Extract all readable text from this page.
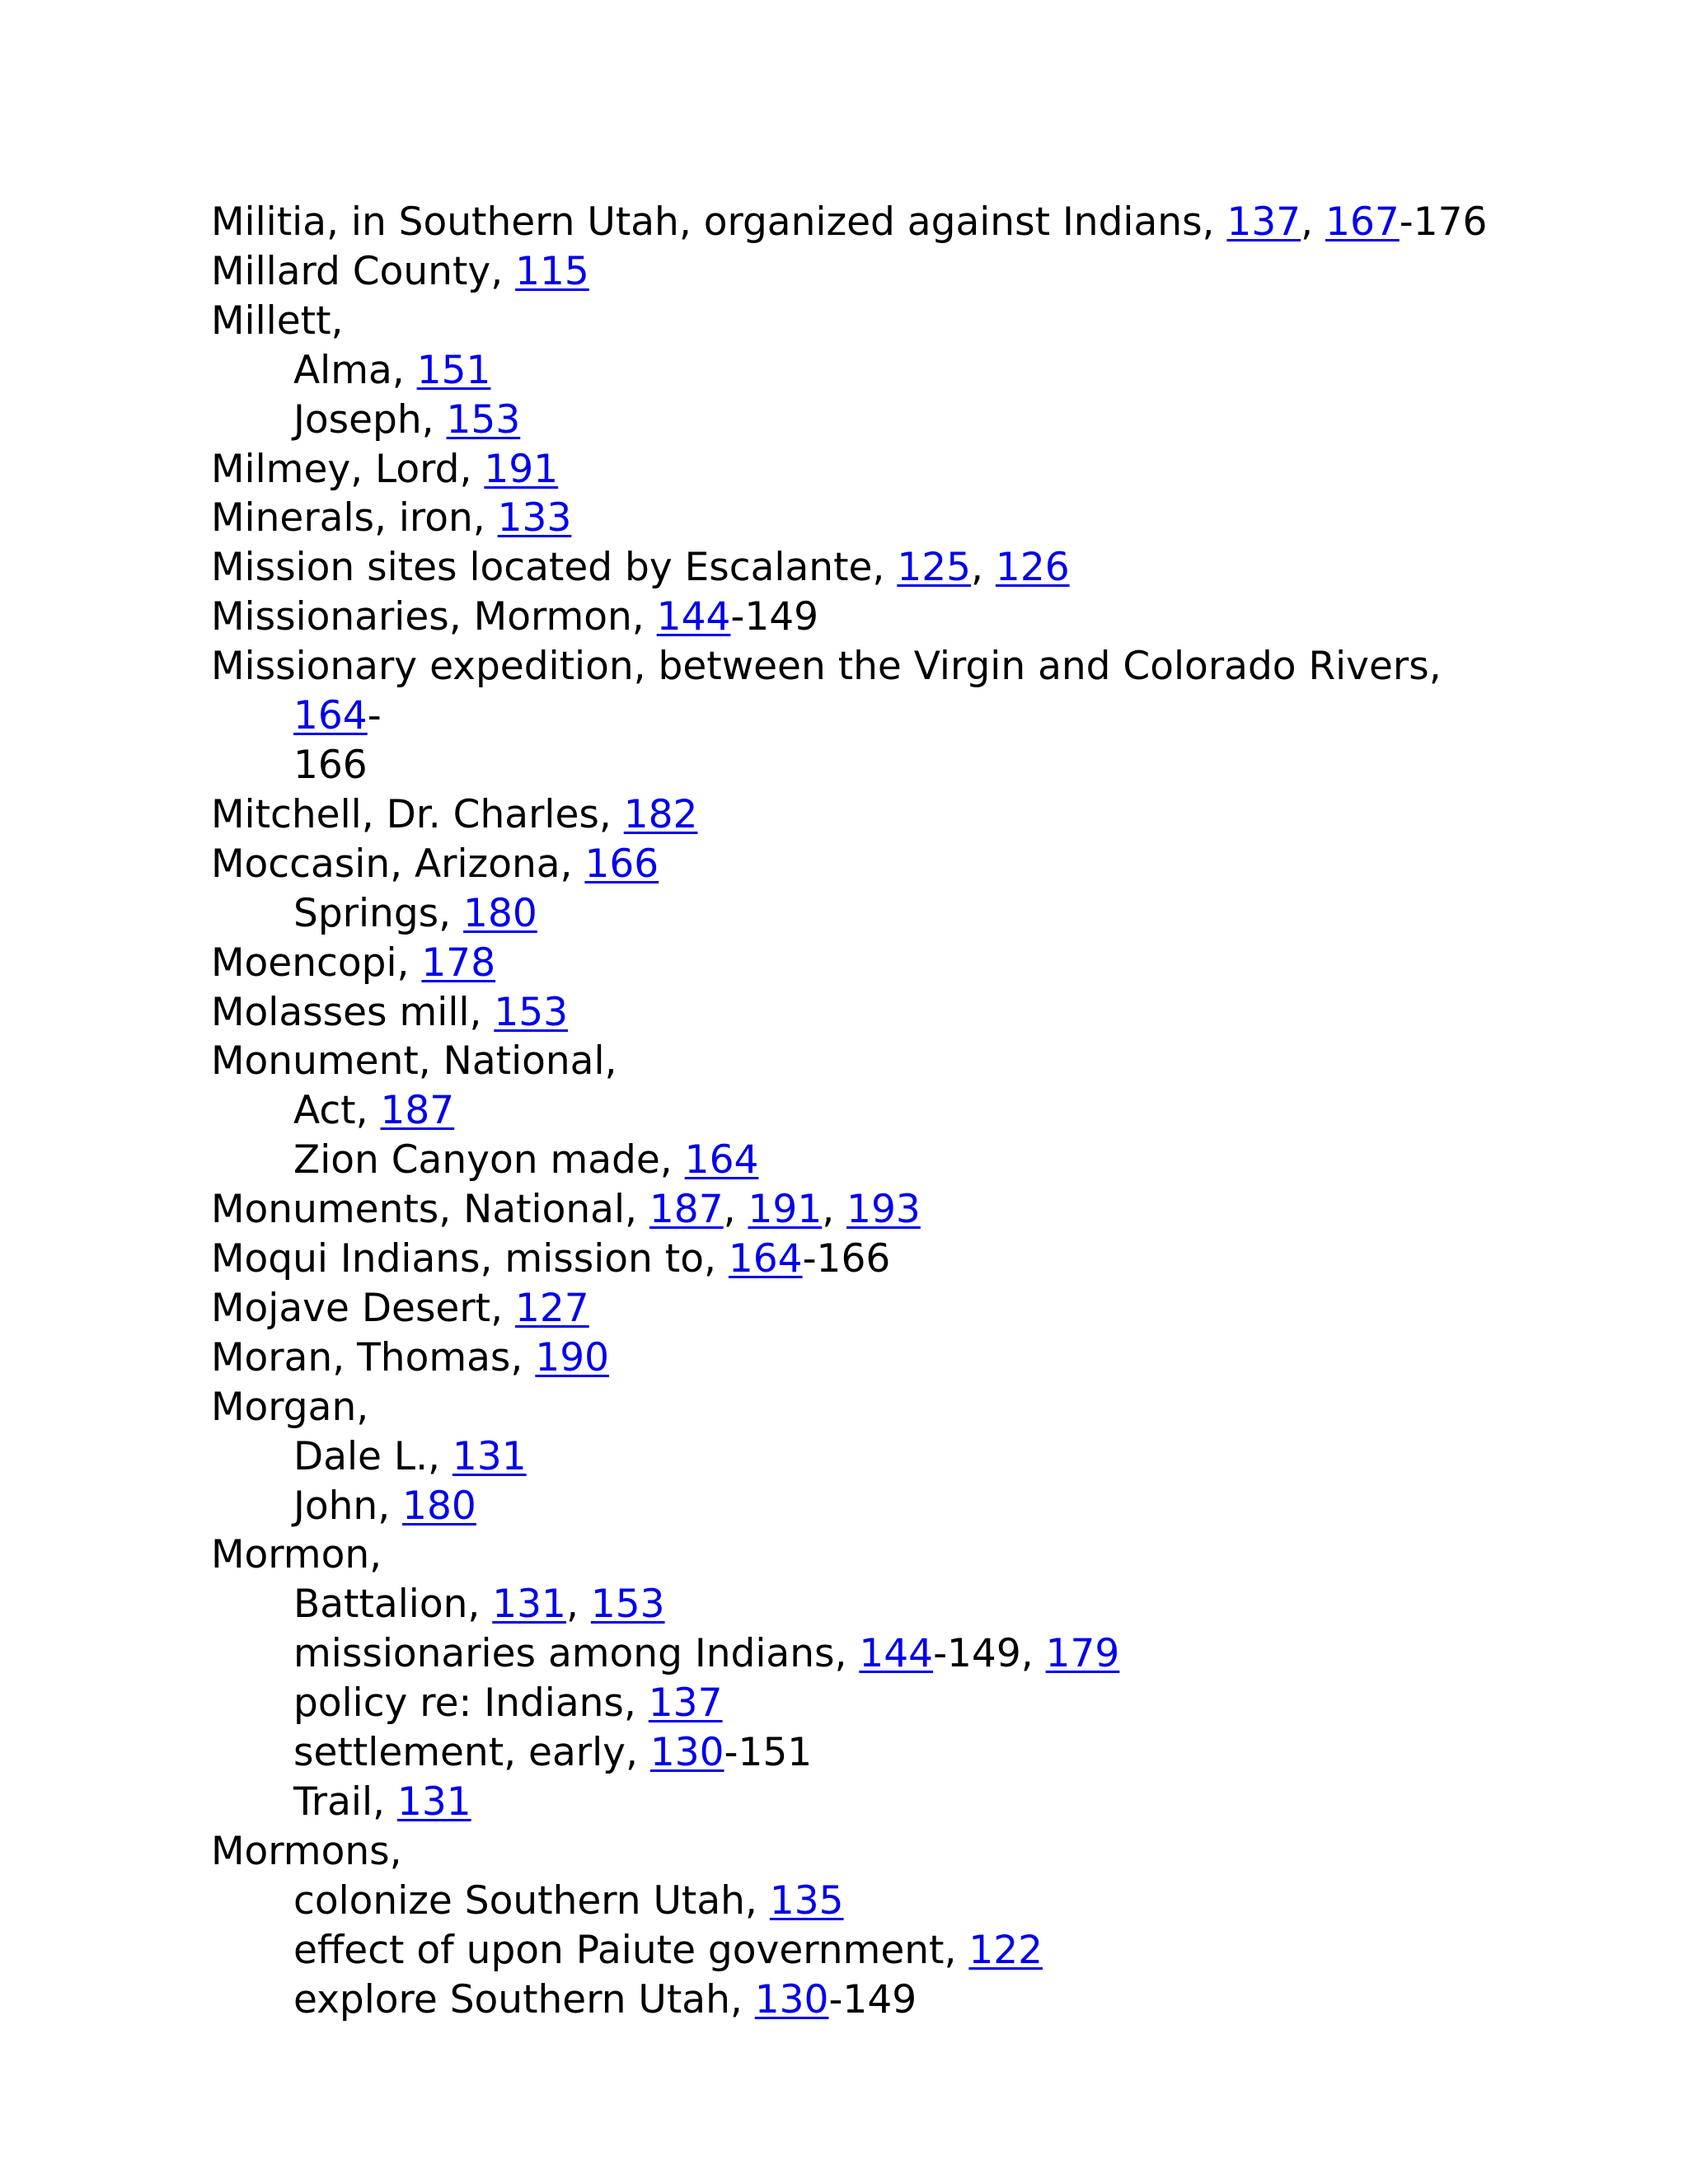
Militia, in Southern Utah, organized against Indians, 137, 167-176
Millard County, 115
Millett,
Alma, 151
Joseph, 153
Milmey, Lord, 191
Minerals, iron, 133
Mission sites located by Escalante, 125, 126
Missionaries, Mormon, 144-149
Missionary expedition, between the Virgin and Colorado Rivers, 164-
166
Mitchell, Dr. Charles, 182
Moccasin, Arizona, 166
Springs, 180
Moencopi, 178
Molasses mill, 153
Monument, National,
Act, 187
Zion Canyon made, 164
Monuments, National, 187, 191, 193
Moqui Indians, mission to, 164-166
Mojave Desert, 127
Moran, Thomas, 190
Morgan,
Dale L., 131
John, 180
Mormon,
Battalion, 131, 153
missionaries among Indians, 144-149, 179
policy re: Indians, 137
settlement, early, 130-151
Trail, 131
Mormons,
colonize Southern Utah, 135
effect of upon Paiute government, 122
explore Southern Utah, 130-149
